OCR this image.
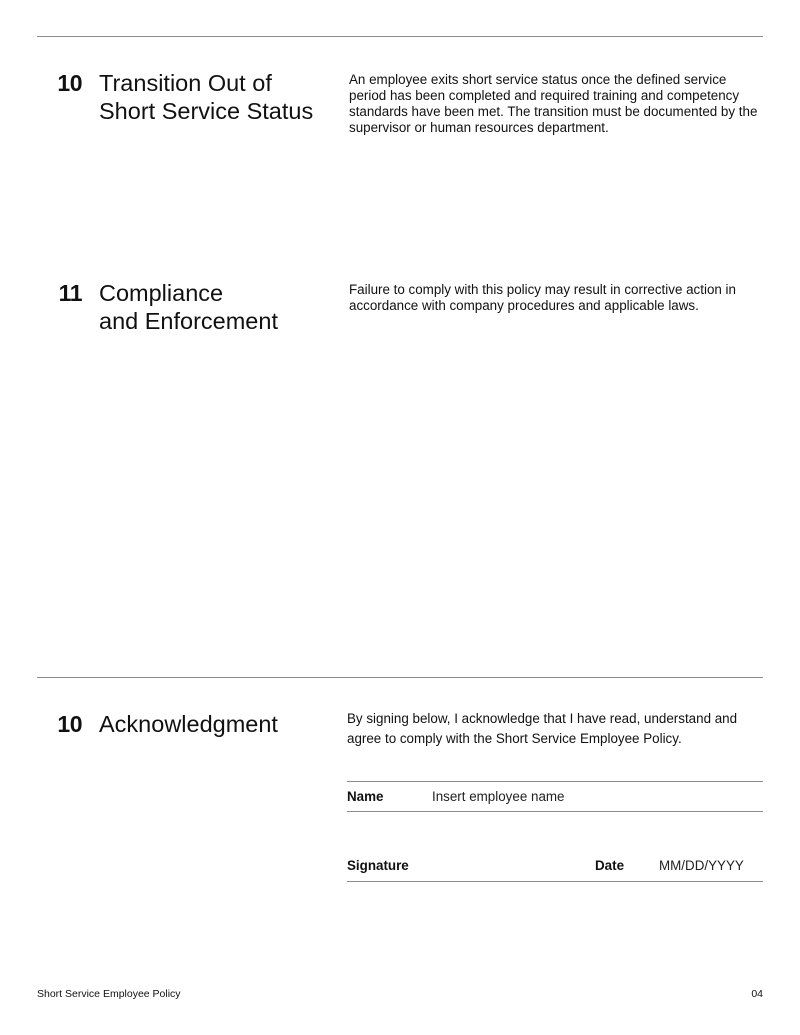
10 Transition Out of
Short Service Status

An employee exits short service status once the defined service period has been completed and required training and competency standards have been met. The transition must be documented by the supervisor or human resources department.

11 Compliance
and Enforcement

Failure to comply with this policy may result in corrective action in accordance with company procedures and applicable laws.

10 Acknowledgment	By signing below, I acknowledge that I have read, understand and agree to comply with the Short Service Employee Policy.

Name	Insert employee name
Signature	Date	MM/DD/YYYY
Short Service Employee Policy	04
